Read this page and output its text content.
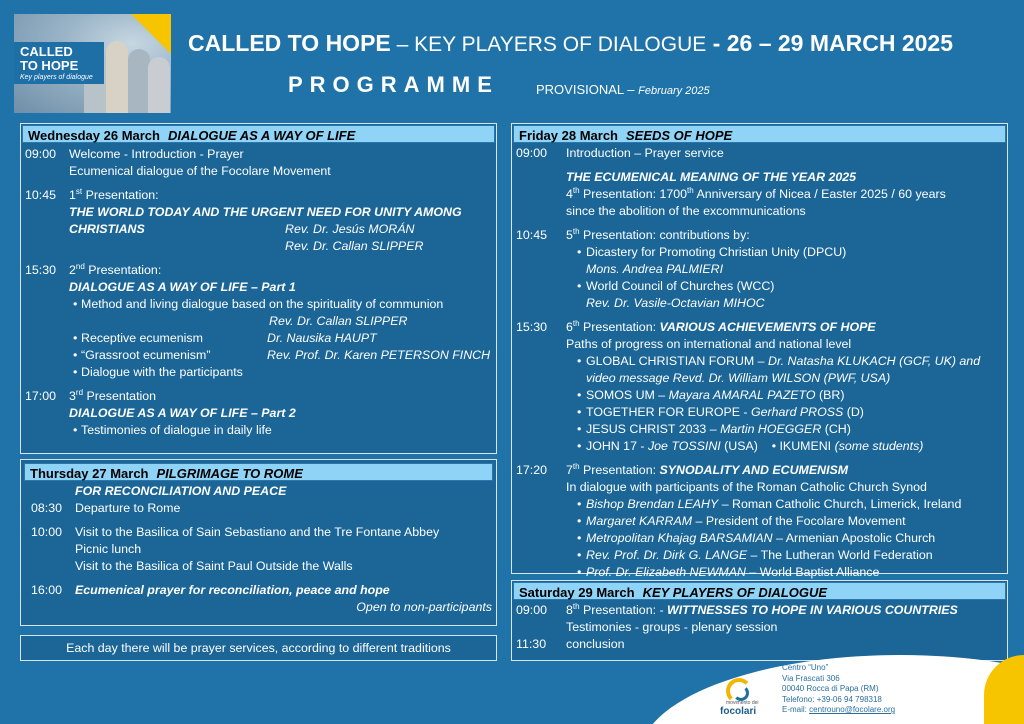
CALLED
TO HOPE
Key players of dialogue
CALLED TO HOPE – KEY PLAYERS OF DIALOGUE - 26 – 29 MARCH 2025
PROGRAMME	PROVISIONAL – February 2025
Wednesday 26 March DIALOGUE AS A WAY OF LIFE
09:00	Welcome - Introduction - Prayer
Ecumenical dialogue of the Focolare Movement
10:45	1st Presentation:
THE WORLD TODAY AND THE URGENT NEED FOR UNITY AMONG
CHRISTIANS	Rev. Dr. Jesús MORÁN
Rev. Dr. Callan SLIPPER
15:30	2nd Presentation:
DIALOGUE AS A WAY OF LIFE – Part 1
• Method and living dialogue based on the spirituality of communion
Rev. Dr. Callan SLIPPER
• Receptive ecumenism	Dr. Nausika HAUPT
• “Grassroot ecumenism”	Rev. Prof. Dr. Karen PETERSON FINCH
• Dialogue with the participants
17:00	3rd Presentation
DIALOGUE AS A WAY OF LIFE – Part 2
• Testimonies of dialogue in daily life
Thursday 27 March PILGRIMAGE TO ROME
FOR RECONCILIATION AND PEACE
08:30	Departure to Rome
10:00	Visit to the Basilica of Sain Sebastiano and the Tre Fontane Abbey
Picnic lunch
Visit to the Basilica of Saint Paul Outside the Walls
16:00	Ecumenical prayer for reconciliation, peace and hope
Open to non-participants
Each day there will be prayer services, according to different traditions
Friday 28 March SEEDS OF HOPE
09:00	Introduction – Prayer service
THE ECUMENICAL MEANING OF THE YEAR 2025
4th Presentation: 1700th Anniversary of Nicea / Easter 2025 / 60 years
since the abolition of the excommunications
10:45	5th Presentation: contributions by:
• Dicastery for Promoting Christian Unity (DPCU)
Mons. Andrea PALMIERI
• World Council of Churches (WCC)
Rev. Dr. Vasile-Octavian MIHOC
15:30	6th Presentation: VARIOUS ACHIEVEMENTS OF HOPE
Paths of progress on international and national level
• GLOBAL CHRISTIAN FORUM – Dr. Natasha KLUKACH (GCF, UK) and
video message Revd. Dr. William WILSON (PWF, USA)
• SOMOS UM – Mayara AMARAL PAZETO (BR)
• TOGETHER FOR EUROPE - Gerhard PROSS (D)
• JESUS CHRIST 2033 – Martin HOEGGER (CH)
• JOHN 17 - Joe TOSSINI (USA)    • IKUMENI (some students)
17:20	7th Presentation: SYNODALITY AND ECUMENISM
In dialogue with participants of the Roman Catholic Church Synod
• Bishop Brendan LEAHY – Roman Catholic Church, Limerick, Ireland
• Margaret KARRAM – President of the Focolare Movement
• Metropolitan Khajag BARSAMIAN – Armenian Apostolic Church
• Rev. Prof. Dr. Dirk G. LANGE – The Lutheran World Federation
• Prof. Dr. Elizabeth NEWMAN – World Baptist Alliance
Saturday 29 March KEY PLAYERS OF DIALOGUE
09:00	8th Presentation: - WITTNESSES TO HOPE IN VARIOUS COUNTRIES
Testimonies - groups - plenary session
11:30	conclusion
movimento dei
focolari
Centro “Uno”
Via Frascati 306
00040 Rocca di Papa (RM)
Telefono: +39-06 94 798318
E-mail: centrouno@focolare.org
